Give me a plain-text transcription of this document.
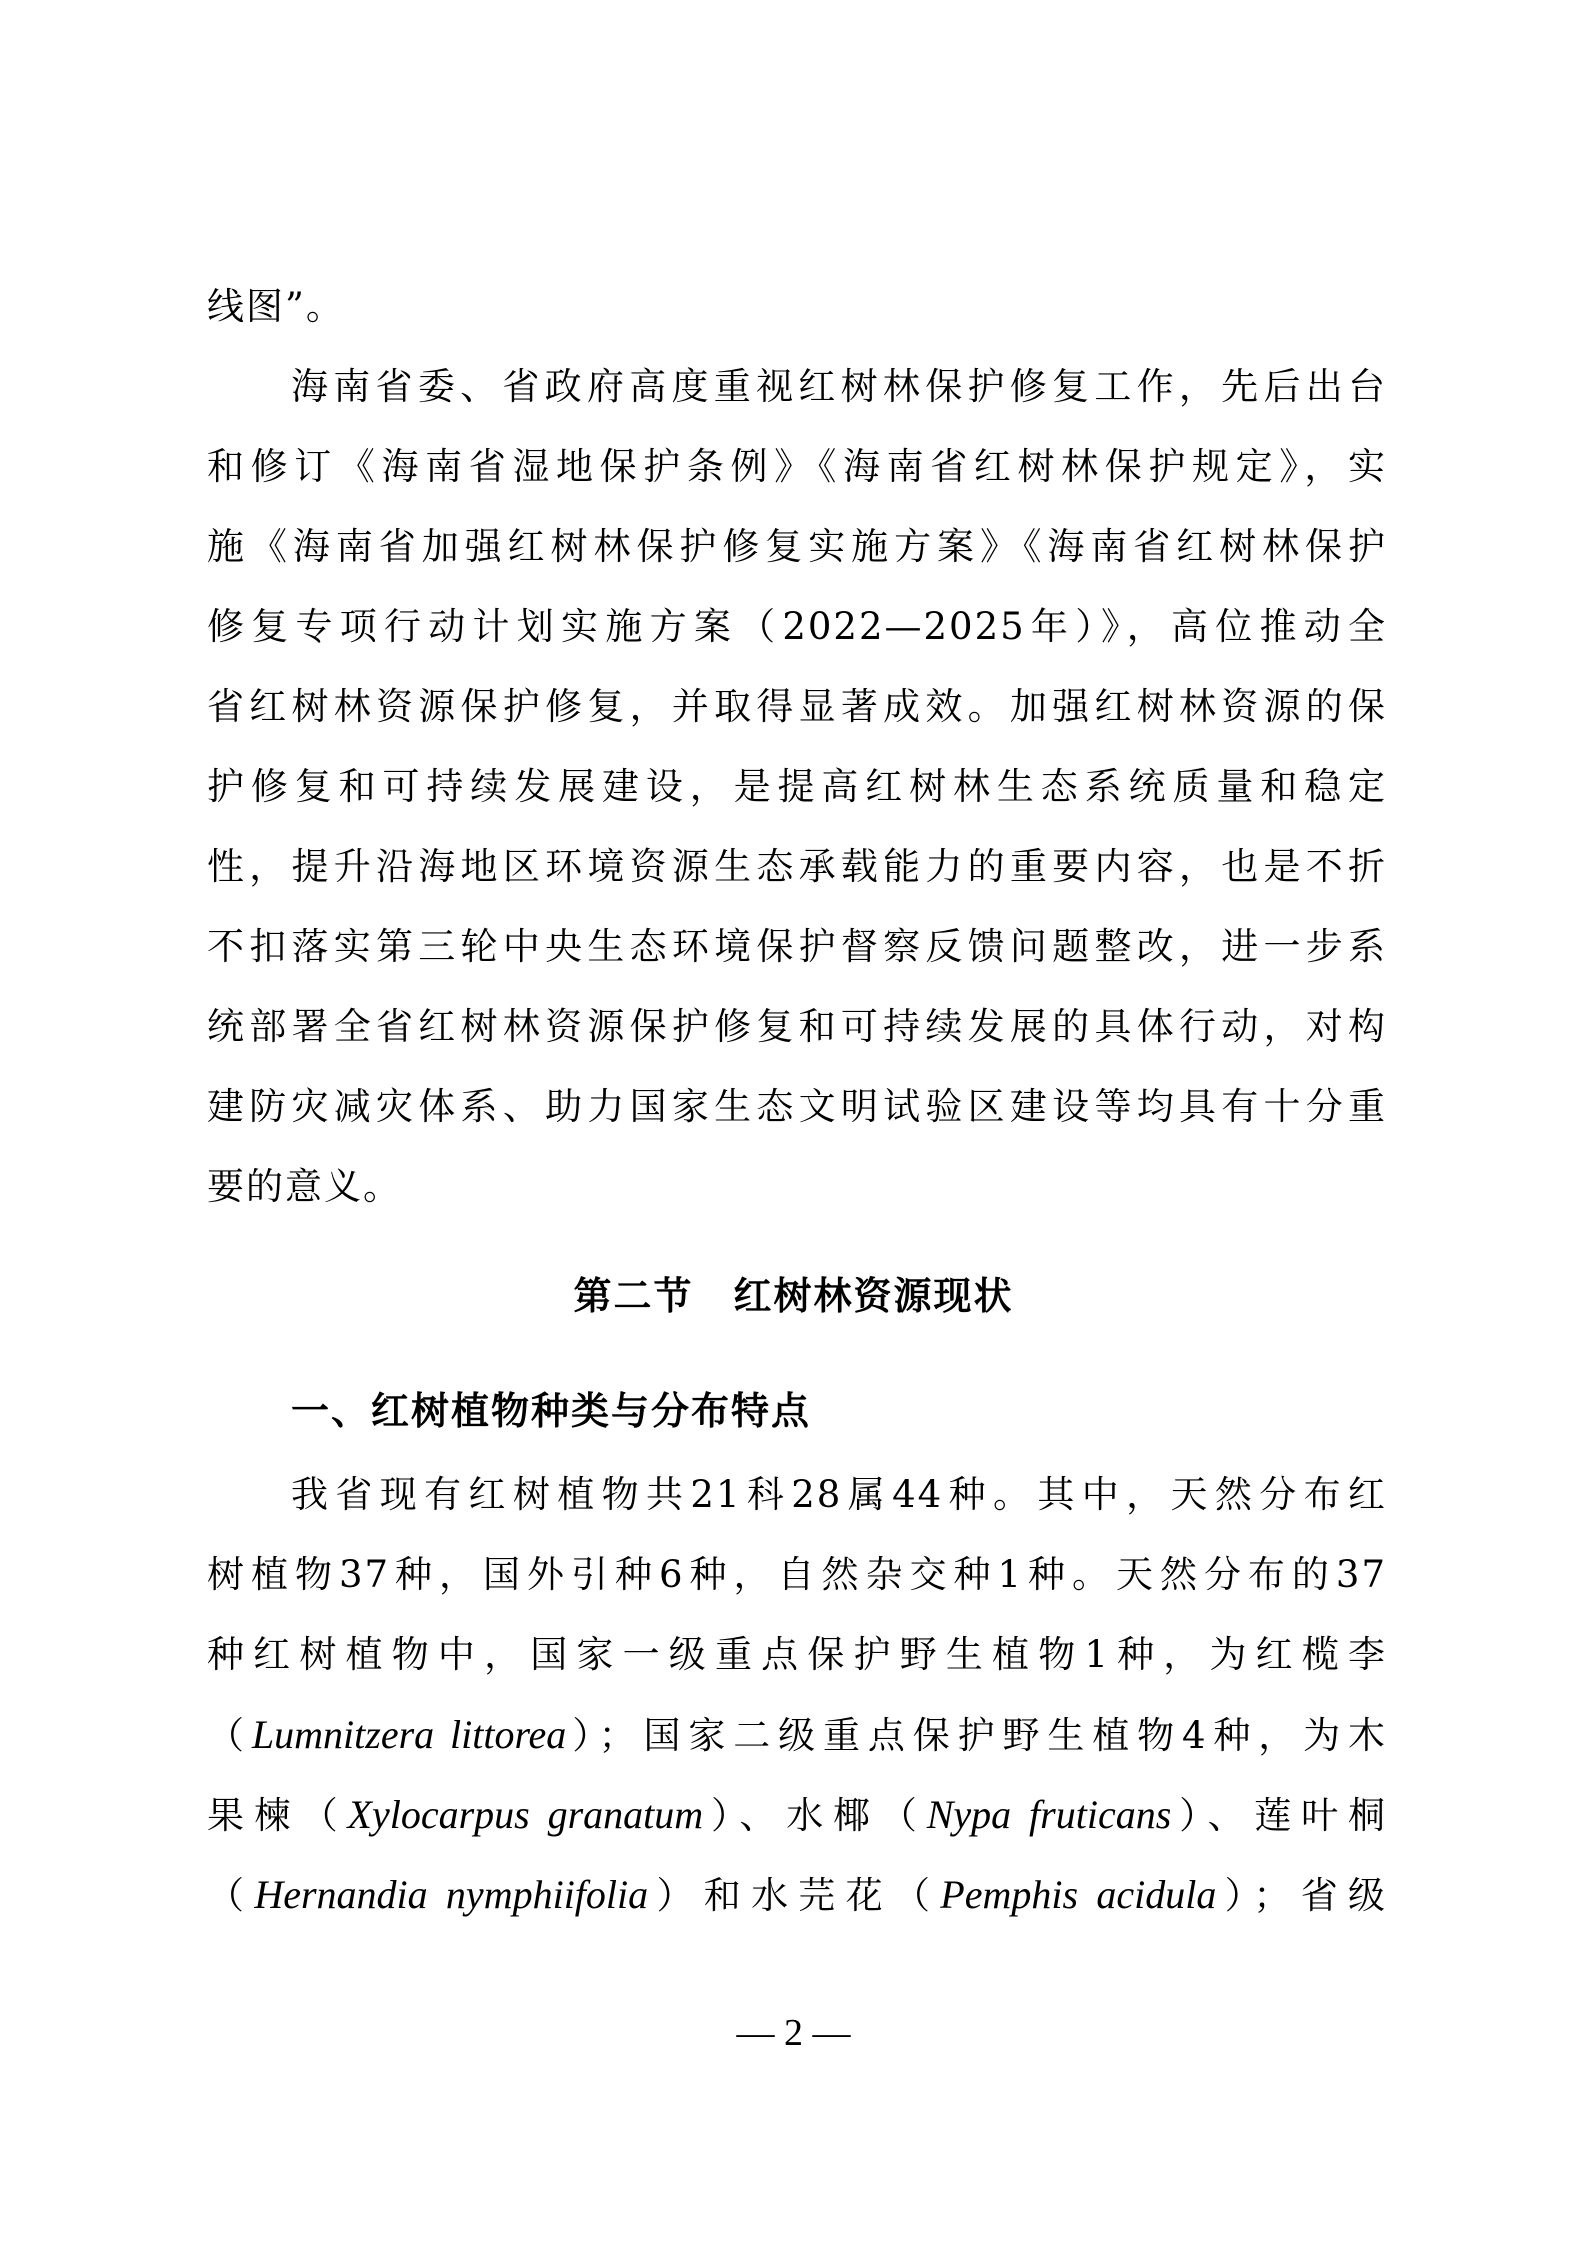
线图”。
海南省委、省政府高度重视红树林保护修复工作，先后出台
和修订《海南省湿地保护条例》《海南省红树林保护规定》，实
施《海南省加强红树林保护修复实施方案》《海南省红树林保护
修复专项行动计划实施方案（2022—2025年）》，高位推动全
省红树林资源保护修复，并取得显著成效。加强红树林资源的保
护修复和可持续发展建设，是提高红树林生态系统质量和稳定
性，提升沿海地区环境资源生态承载能力的重要内容，也是不折
不扣落实第三轮中央生态环境保护督察反馈问题整改，进一步系
统部署全省红树林资源保护修复和可持续发展的具体行动，对构
建防灾减灾体系、助力国家生态文明试验区建设等均具有十分重
要的意义。
第二节　红树林资源现状
一、红树植物种类与分布特点
我省现有红树植物共21科28属44种。其中，天然分布红
树植物37种，国外引种6种，自然杂交种1种。天然分布的37
种红树植物中，国家一级重点保护野生植物1种，为红榄李
（Lumnitzera littorea）；国家二级重点保护野生植物4种，为木
果楝（Xylocarpus granatum）、水椰（Nypa fruticans）、莲叶桐
（Hernandia nymphiifolia）和水芫花（Pemphis acidula）；省级
— 2 —
